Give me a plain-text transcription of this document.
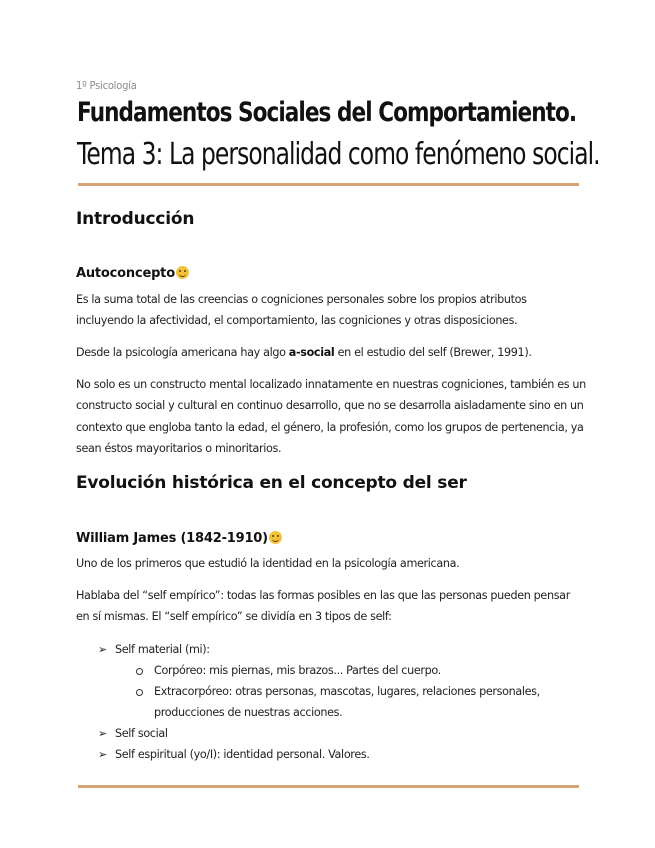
1º Psicología
Fundamentos Sociales del Comportamiento.
Tema 3: La personalidad como fenómeno social.
Introducción
Autoconcepto
Es la suma total de las creencias o cogniciones personales sobre los propios atributos incluyendo la afectividad, el comportamiento, las cogniciones y otras disposiciones.
Desde la psicología americana hay algo a-social en el estudio del self (Brewer, 1991).
No solo es un constructo mental localizado innatamente en nuestras cogniciones, también es un constructo social y cultural en continuo desarrollo, que no se desarrolla aisladamente sino en un contexto que engloba tanto la edad, el género, la profesión, como los grupos de pertenencia, ya sean éstos mayoritarios o minoritarios.
Evolución histórica en el concepto del ser
William James (1842-1910)
Uno de los primeros que estudió la identidad en la psicología americana.
Hablaba del “self empírico”: todas las formas posibles en las que las personas pueden pensar en sí mismas. El “self empírico” se dividía en 3 tipos de self:
➢ Self material (mi):
Corpóreo: mis piernas, mis brazos... Partes del cuerpo.
Extracorpóreo: otras personas, mascotas, lugares, relaciones personales,
producciones de nuestras acciones.
➢ Self social
➢ Self espiritual (yo/I): identidad personal. Valores.
